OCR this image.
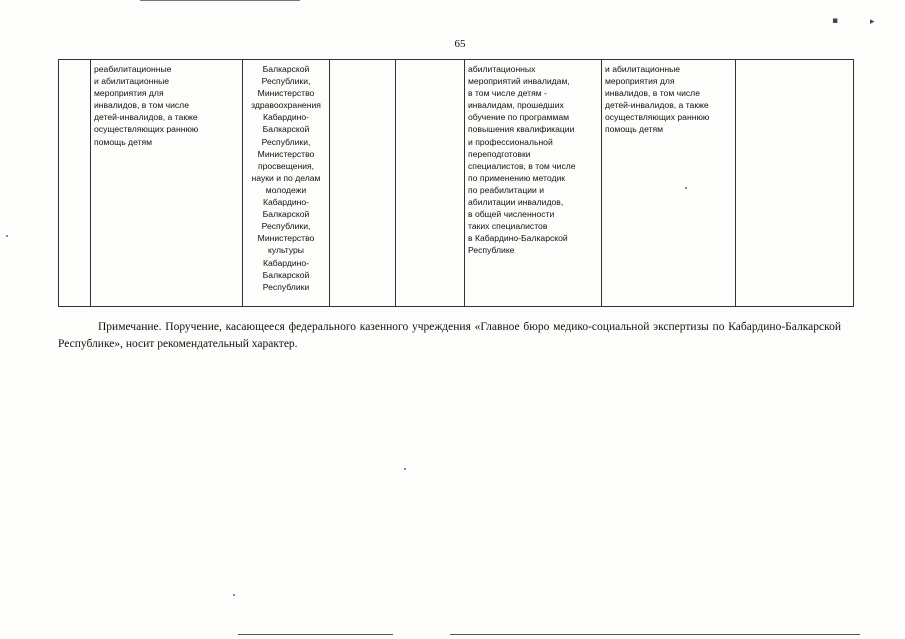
▪	▸
65
	реабилитационные
и абилитационные
мероприятия для
инвалидов, в том числе
детей-инвалидов, а также
осуществляющих раннюю
помощь детям	Балкарской
Республики,
Министерство
здравоохранения
Кабардино-
Балкарской
Республики,
Министерство
просвещения,
науки и по делам
молодежи
Кабардино-
Балкарской
Республики,
Министерство
культуры
Кабардино-
Балкарской
Республики			абилитационных
мероприятий инвалидам,
в том числе детям -
инвалидам, прошедших
обучение по программам
повышения квалификации
и профессиональной
переподготовки
специалистов, в том числе
по применению методик
по реабилитации и
абилитации инвалидов,
в общей численности
таких специалистов
в Кабардино-Балкарской
Республике	и абилитационные
мероприятия для
инвалидов, в том числе
детей-инвалидов, а также
осуществляющих раннюю
помощь детям	
Примечание. Поручение, касающееся федерального казенного учреждения «Главное бюро медико-социальной экспертизы по Кабардино-Балкарской Республике», носит рекомендательный характер.
